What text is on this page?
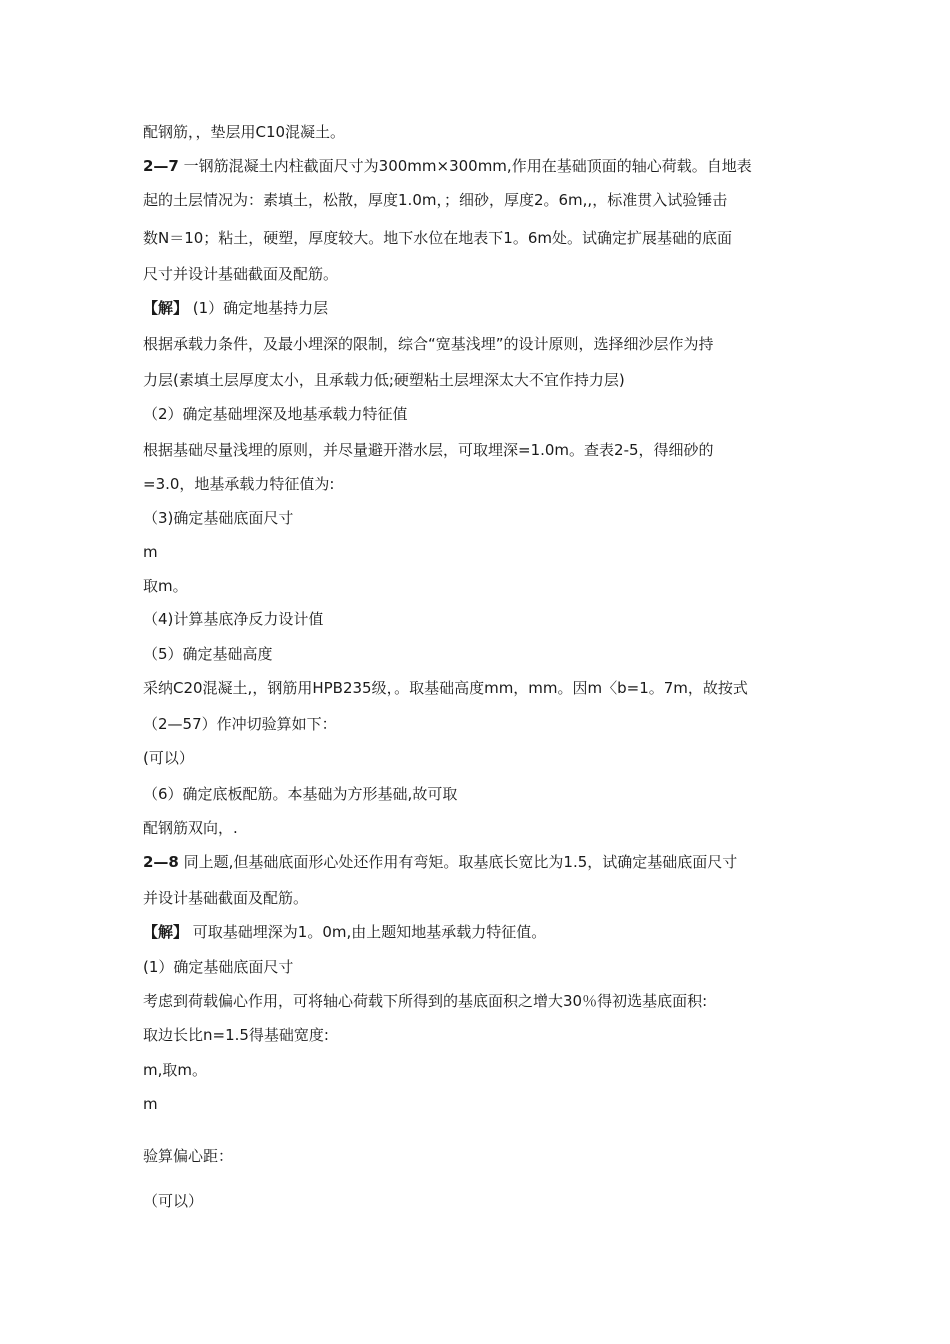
配钢筋，，垫层用C10混凝土。
2—7 一钢筋混凝土内柱截面尺寸为300mm×300mm,作用在基础顶面的轴心荷载。自地表
起的土层情况为：素填土，松散，厚度1.0m，；细砂，厚度2。6m,,，标准贯入试验锤击
数N＝10；粘土，硬塑，厚度较大。地下水位在地表下1。6m处。试确定扩展基础的底面
尺寸并设计基础截面及配筋。
【解】 (1）确定地基持力层
根据承载力条件，及最小埋深的限制，综合“宽基浅埋”的设计原则，选择细沙层作为持
力层(素填土层厚度太小，且承载力低;硬塑粘土层埋深太大不宜作持力层)
（2）确定基础埋深及地基承载力特征值
根据基础尽量浅埋的原则，并尽量避开潜水层，可取埋深=1.0m。查表2-5，得细砂的
=3.0，地基承载力特征值为:
（3)确定基础底面尺寸
m
取m。
（4)计算基底净反力设计值
（5）确定基础高度
采纳C20混凝土,，钢筋用HPB235级，。取基础高度mm，mm。因m〈b=1。7m，故按式
（2—57）作冲切验算如下：
(可以）
（6）确定底板配筋。本基础为方形基础,故可取
配钢筋双向，.
2—8 同上题,但基础底面形心处还作用有弯矩。取基底长宽比为1.5，试确定基础底面尺寸
并设计基础截面及配筋。
【解】 可取基础埋深为1。0m,由上题知地基承载力特征值。
(1）确定基础底面尺寸
考虑到荷载偏心作用，可将轴心荷载下所得到的基底面积之增大30％得初选基底面积:
取边长比n=1.5得基础宽度:
m,取m。
m
验算偏心距：
（可以）
